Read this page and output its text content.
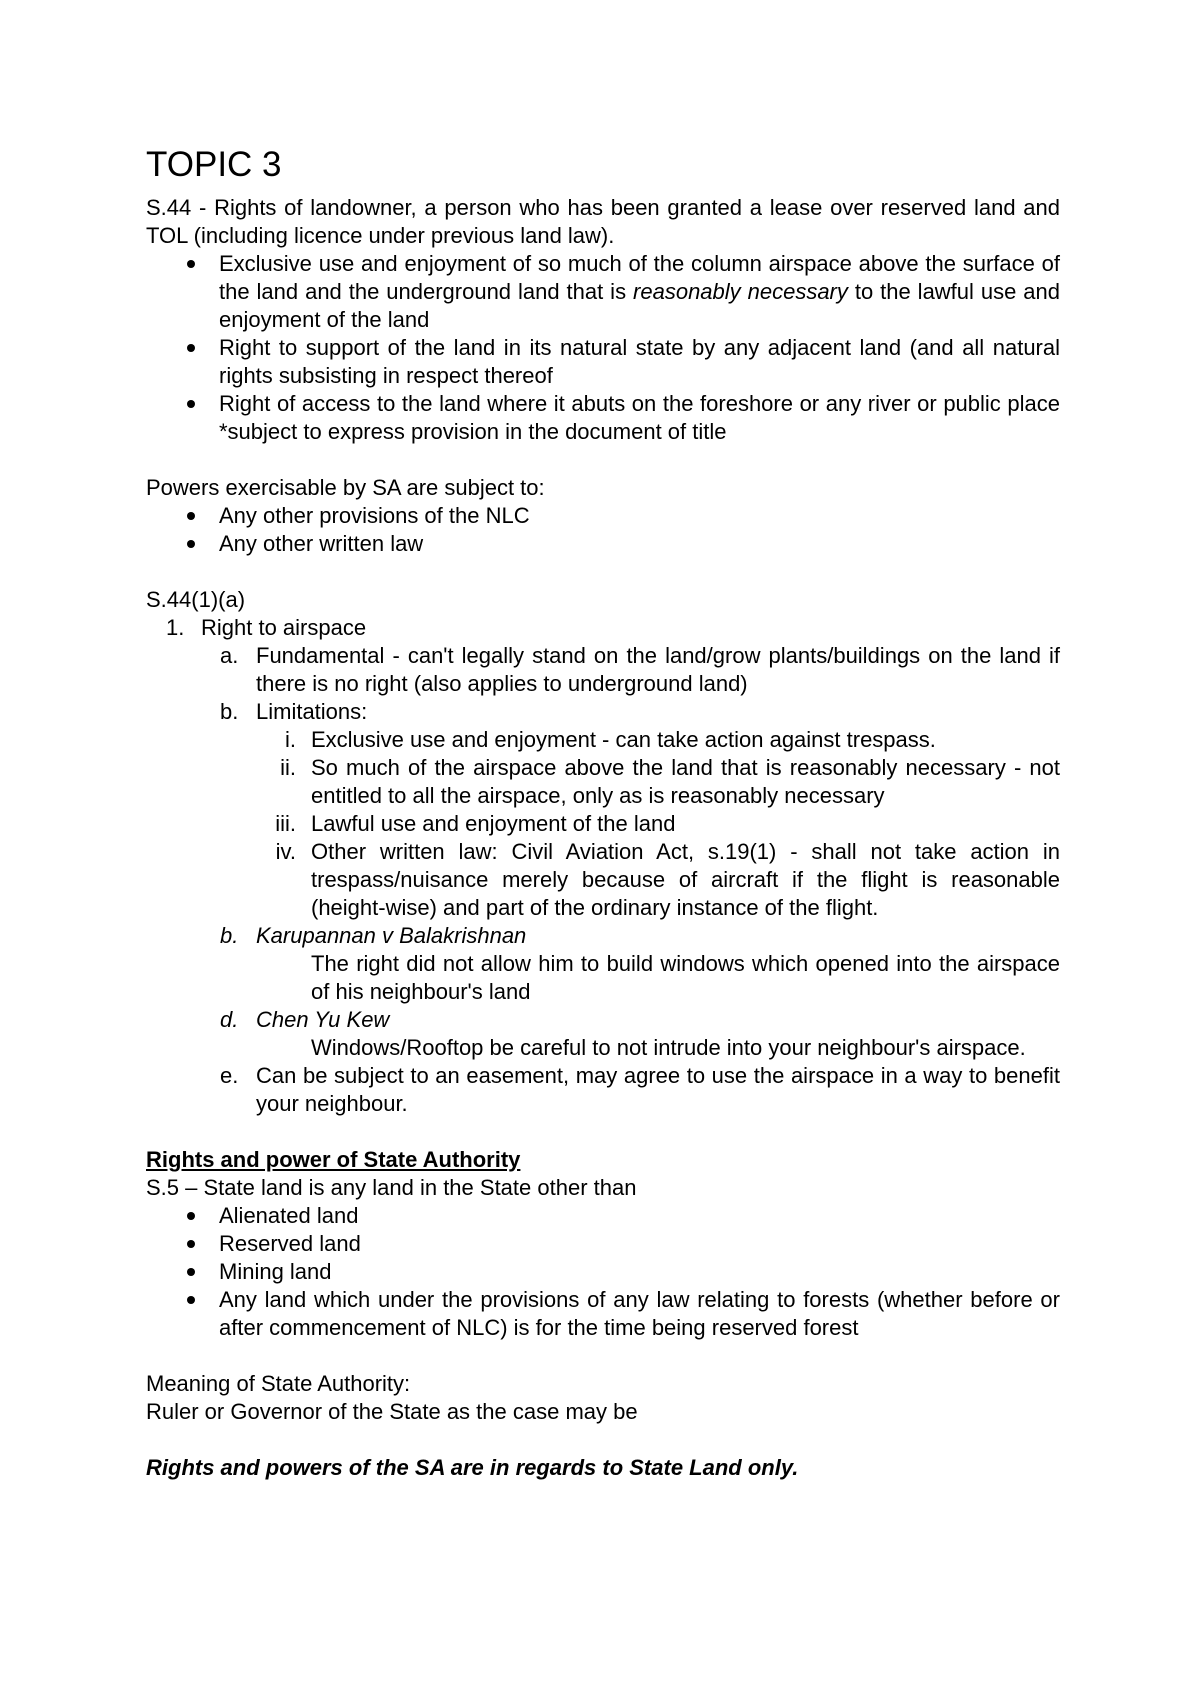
TOPIC 3

S.44 - Rights of landowner, a person who has been granted a lease over reserved land and TOL (including licence under previous land law).

Exclusive use and enjoyment of so much of the column airspace above the surface of the land and the underground land that is reasonably necessary to the lawful use and enjoyment of the land
Right to support of the land in its natural state by any adjacent land (and all natural rights subsisting in respect thereof
Right of access to the land where it abuts on the foreshore or any river or public place *subject to express provision in the document of title

Powers exercisable by SA are subject to:

Any other provisions of the NLC
Any other written law

S.44(1)(a)

1. Right to airspace
a. Fundamental - can't legally stand on the land/grow plants/buildings on the land if there is no right (also applies to underground land)
b. Limitations:
i. Exclusive use and enjoyment - can take action against trespass.
ii. So much of the airspace above the land that is reasonably necessary - not entitled to all the airspace, only as is reasonably necessary
iii. Lawful use and enjoyment of the land
iv. Other written law: Civil Aviation Act, s.19(1) - shall not take action in trespass/nuisance merely because of aircraft if the flight is reasonable (height-wise) and part of the ordinary instance of the flight.
b. Karupannan v Balakrishnan

The right did not allow him to build windows which opened into the airspace of his neighbour's land

d. Chen Yu Kew

Windows/Rooftop be careful to not intrude into your neighbour's airspace.

e. Can be subject to an easement, may agree to use the airspace in a way to benefit your neighbour.

Rights and power of State Authority

S.5 – State land is any land in the State other than

Alienated land
Reserved land
Mining land
Any land which under the provisions of any law relating to forests (whether before or after commencement of NLC) is for the time being reserved forest

Meaning of State Authority:

Ruler or Governor of the State as the case may be

Rights and powers of the SA are in regards to State Land only.
